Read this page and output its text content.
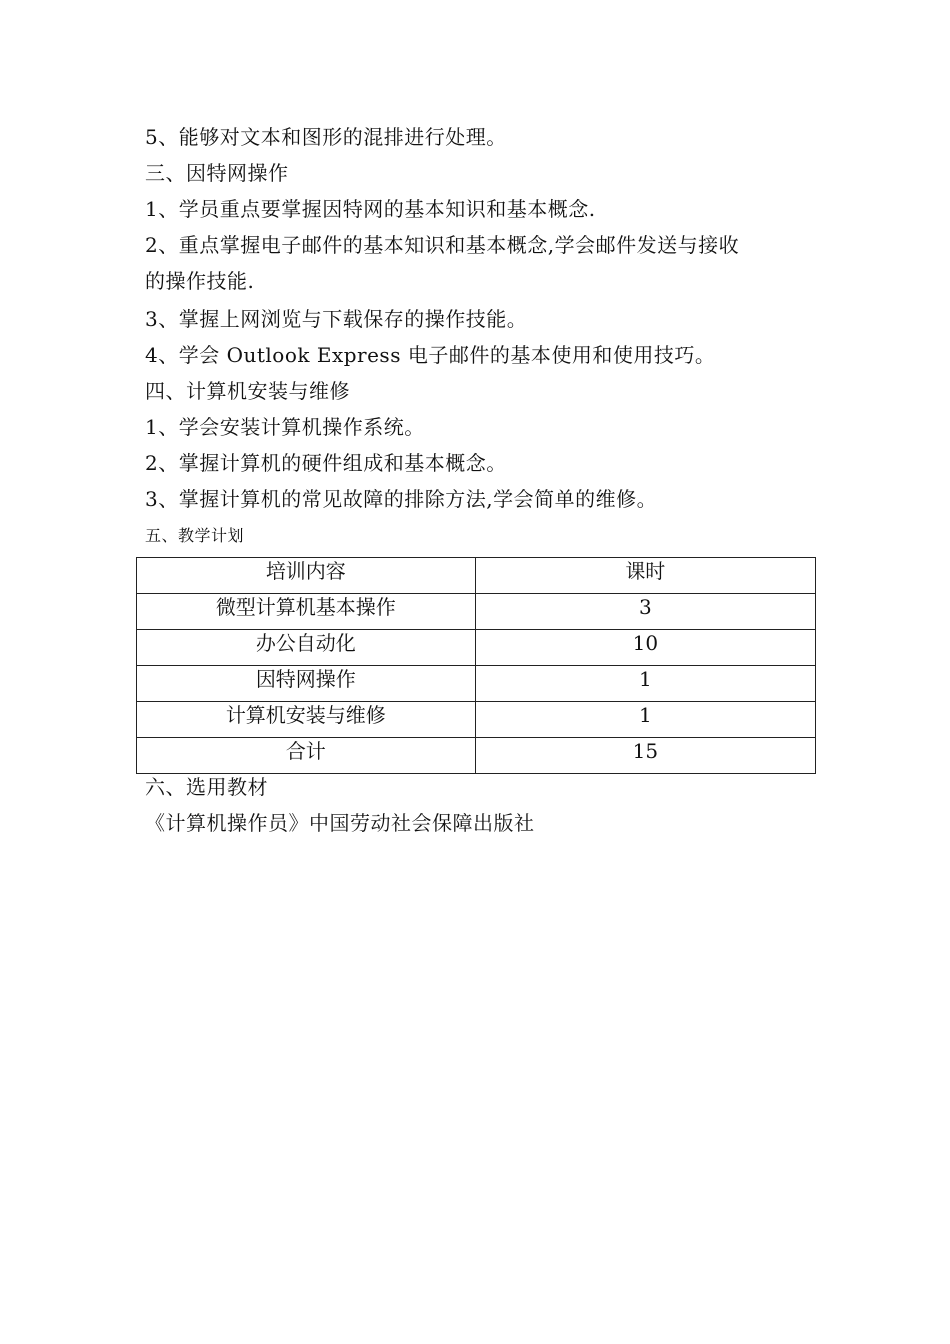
5、能够对文本和图形的混排进行处理。
三、因特网操作
1、学员重点要掌握因特网的基本知识和基本概念.
2、重点掌握电子邮件的基本知识和基本概念,学会邮件发送与接收
的操作技能.
3、掌握上网浏览与下载保存的操作技能。
4、学会 Outlook Express 电子邮件的基本使用和使用技巧。
四、计算机安装与维修
1、学会安装计算机操作系统。
2、掌握计算机的硬件组成和基本概念。
3、掌握计算机的常见故障的排除方法,学会简单的维修。
五、教学计划
培训内容	课时
微型计算机基本操作	3
办公自动化	10
因特网操作	1
计算机安装与维修	1
合计	15
六、选用教材
《计算机操作员》中国劳动社会保障出版社
